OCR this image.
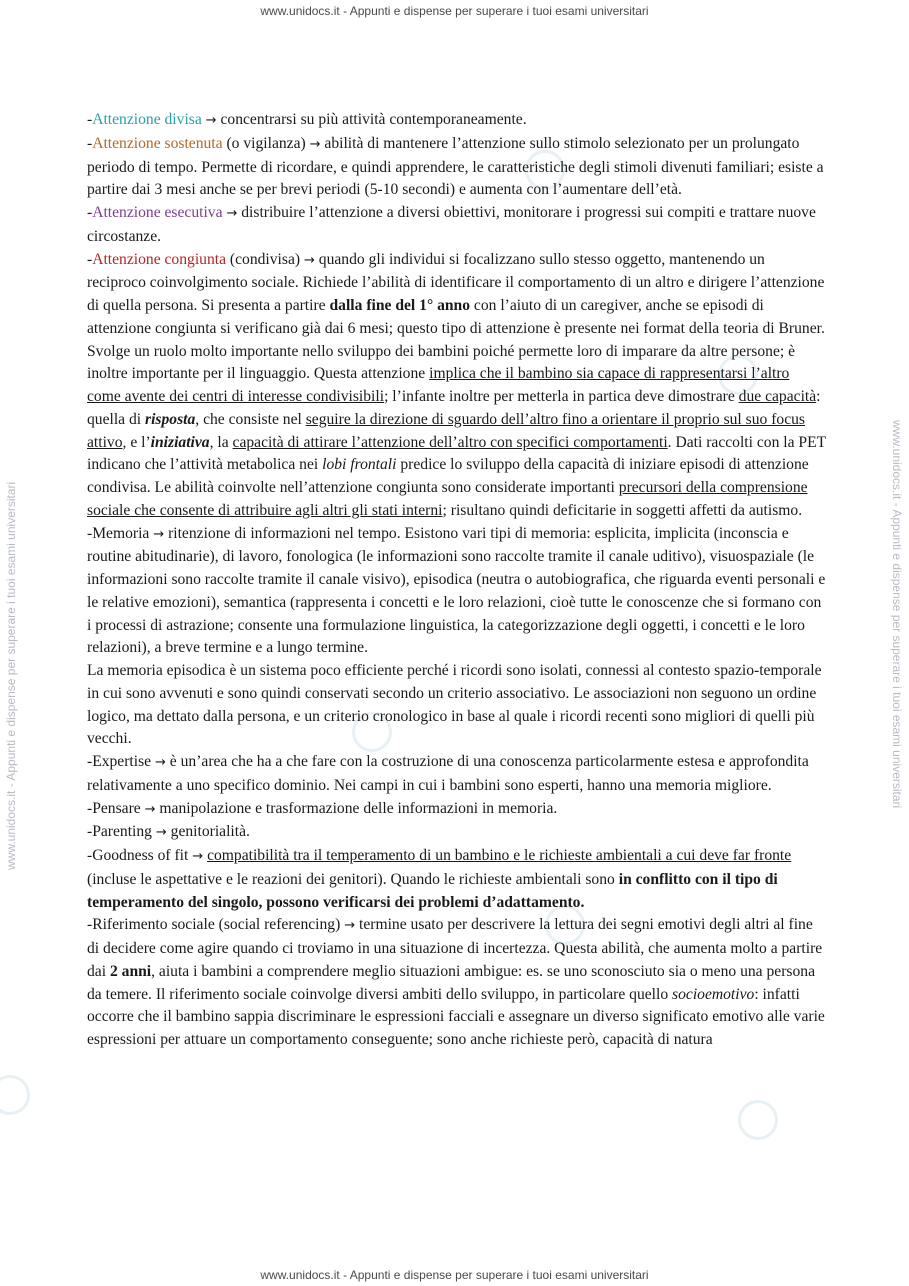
www.unidocs.it - Appunti e dispense per superare i tuoi esami universitari
www.unidocs.it - Appunti e dispense per superare i tuoi esami universitari
www.unidocs.it - Appunti e dispense per superare i tuoi esami universitari	www.unidocs.it - Appunti e dispense per superare i tuoi esami universitari

-Attenzione divisa → concentrarsi su più attività contemporaneamente.

-Attenzione sostenuta (o vigilanza) → abilità di mantenere l’attenzione sullo stimolo selezionato per un prolungato periodo di tempo. Permette di ricordare, e quindi apprendere, le caratteristiche degli stimoli divenuti familiari; esiste a partire dai 3 mesi anche se per brevi periodi (5-10 secondi) e aumenta con l’aumentare dell’età.

-Attenzione esecutiva → distribuire l’attenzione a diversi obiettivi, monitorare i progressi sui compiti e trattare nuove circostanze.

-Attenzione congiunta (condivisa) → quando gli individui si focalizzano sullo stesso oggetto, mantenendo un reciproco coinvolgimento sociale. Richiede l’abilità di identificare il comportamento di un altro e dirigere l’attenzione di quella persona. Si presenta a partire dalla fine del 1° anno con l’aiuto di un caregiver, anche se episodi di attenzione congiunta si verificano già dai 6 mesi; questo tipo di attenzione è presente nei format della teoria di Bruner. Svolge un ruolo molto importante nello sviluppo dei bambini poiché permette loro di imparare da altre persone; è inoltre importante per il linguaggio. Questa attenzione implica che il bambino sia capace di rappresentarsi l’altro come avente dei centri di interesse condivisibili; l’infante inoltre per metterla in partica deve dimostrare due capacità: quella di risposta, che consiste nel seguire la direzione di sguardo dell’altro fino a orientare il proprio sul suo focus attivo, e l’iniziativa, la capacità di attirare l’attenzione dell’altro con specifici comportamenti. Dati raccolti con la PET indicano che l’attività metabolica nei lobi frontali predice lo sviluppo della capacità di iniziare episodi di attenzione condivisa. Le abilità coinvolte nell’attenzione congiunta sono considerate importanti precursori della comprensione sociale che consente di attribuire agli altri gli stati interni; risultano quindi deficitarie in soggetti affetti da autismo.

-Memoria → ritenzione di informazioni nel tempo. Esistono vari tipi di memoria: esplicita, implicita (inconscia e routine abitudinarie), di lavoro, fonologica (le informazioni sono raccolte tramite il canale uditivo), visuospaziale (le informazioni sono raccolte tramite il canale visivo), episodica (neutra o autobiografica, che riguarda eventi personali e le relative emozioni), semantica (rappresenta i concetti e le loro relazioni, cioè tutte le conoscenze che si formano con i processi di astrazione; consente una formulazione linguistica, la categorizzazione degli oggetti, i concetti e le loro relazioni), a breve termine e a lungo termine.

La memoria episodica è un sistema poco efficiente perché i ricordi sono isolati, connessi al contesto spazio-temporale in cui sono avvenuti e sono quindi conservati secondo un criterio associativo. Le associazioni non seguono un ordine logico, ma dettato dalla persona, e un criterio cronologico in base al quale i ricordi recenti sono migliori di quelli più vecchi.

-Expertise → è un’area che ha a che fare con la costruzione di una conoscenza particolarmente estesa e approfondita relativamente a uno specifico dominio. Nei campi in cui i bambini sono esperti, hanno una memoria migliore.

-Pensare → manipolazione e trasformazione delle informazioni in memoria.

-Parenting → genitorialità.

-Goodness of fit → compatibilità tra il temperamento di un bambino e le richieste ambientali a cui deve far fronte (incluse le aspettative e le reazioni dei genitori). Quando le richieste ambientali sono in conflitto con il tipo di temperamento del singolo, possono verificarsi dei problemi d’adattamento.

-Riferimento sociale (social referencing) → termine usato per descrivere la lettura dei segni emotivi degli altri al fine di decidere come agire quando ci troviamo in una situazione di incertezza. Questa abilità, che aumenta molto a partire dai 2 anni, aiuta i bambini a comprendere meglio situazioni ambigue: es. se uno sconosciuto sia o meno una persona da temere. Il riferimento sociale coinvolge diversi ambiti dello sviluppo, in particolare quello socioemotivo: infatti occorre che il bambino sappia discriminare le espressioni facciali e assegnare un diverso significato emotivo alle varie espressioni per attuare un comportamento conseguente; sono anche richieste però, capacità di natura
